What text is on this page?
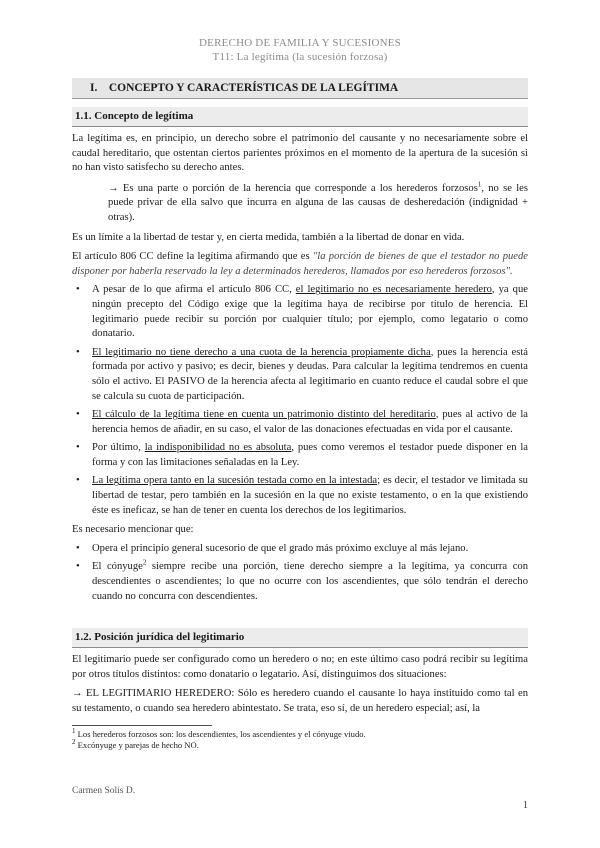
DERECHO DE FAMILIA Y SUCESIONES
T11: La legítima (la sucesión forzosa)
I. CONCEPTO Y CARACTERÍSTICAS DE LA LEGÍTIMA
1.1. Concepto de legítima

La legítima es, en principio, un derecho sobre el patrimonio del causante y no necesariamente sobre el caudal hereditario, que ostentan ciertos parientes próximos en el momento de la apertura de la sucesión si no han visto satisfecho su derecho antes.

→ Es una parte o porción de la herencia que corresponde a los herederos forzosos$^1$, no se les puede privar de ella salvo que incurra en alguna de las causas de desheredación (indignidad + otras).

Es un límite a la libertad de testar y, en cierta medida, también a la libertad de donar en vida.

El artículo 806 CC define la legítima afirmando que es "la porción de bienes de que el testador no puede disponer por haberla reservado la ley a determinados herederos, llamados por eso herederos forzosos".

• A pesar de lo que afirma el artículo 806 CC, el legitimario no es necesariamente heredero, ya que ningún precepto del Código exige que la legítima haya de recibirse por título de herencia. El legitimario puede recibir su porción por cualquier título; por ejemplo, como legatario o como donatario.
• El legitimario no tiene derecho a una cuota de la herencia propiamente dicha, pues la herencia está formada por activo y pasivo; es decir, bienes y deudas. Para calcular la legítima tendremos en cuenta sólo el activo. El PASIVO de la herencia afecta al legitimario en cuanto reduce el caudal sobre el que se calcula su cuota de participación.
• El cálculo de la legítima tiene en cuenta un patrimonio distinto del hereditario, pues al activo de la herencia hemos de añadir, en su caso, el valor de las donaciones efectuadas en vida por el causante.
• Por último, la indisponibilidad no es absoluta, pues como veremos el testador puede disponer en la forma y con las limitaciones señaladas en la Ley.
• La legítima opera tanto en la sucesión testada como en la intestada; es decir, el testador ve limitada su libertad de testar, pero también en la sucesión en la que no existe testamento, o en la que existiendo éste es ineficaz, se han de tener en cuenta los derechos de los legitimarios.

Es necesario mencionar que:

• Opera el principio general sucesorio de que el grado más próximo excluye al más lejano.
• El cónyuge$^2$ siempre recibe una porción, tiene derecho siempre a la legítima, ya concurra con descendientes o ascendientes; lo que no ocurre con los ascendientes, que sólo tendrán el derecho cuando no concurra con descendientes.
1.2. Posición jurídica del legitimario

El legitimario puede ser configurado como un heredero o no; en este último caso podrá recibir su legítima por otros títulos distintos: como donatario o legatario. Así, distinguimos dos situaciones:

→ EL LEGITIMARIO HEREDERO: Sólo es heredero cuando el causante lo haya instituido como tal en su testamento, o cuando sea heredero abintestato. Se trata, eso sí, de un heredero especial; así, la

$^1$ Los herederos forzosos son: los descendientes, los ascendientes y el cónyuge viudo.
$^2$ Excónyuge y parejas de hecho NO.
Carmen Solís D.
1
